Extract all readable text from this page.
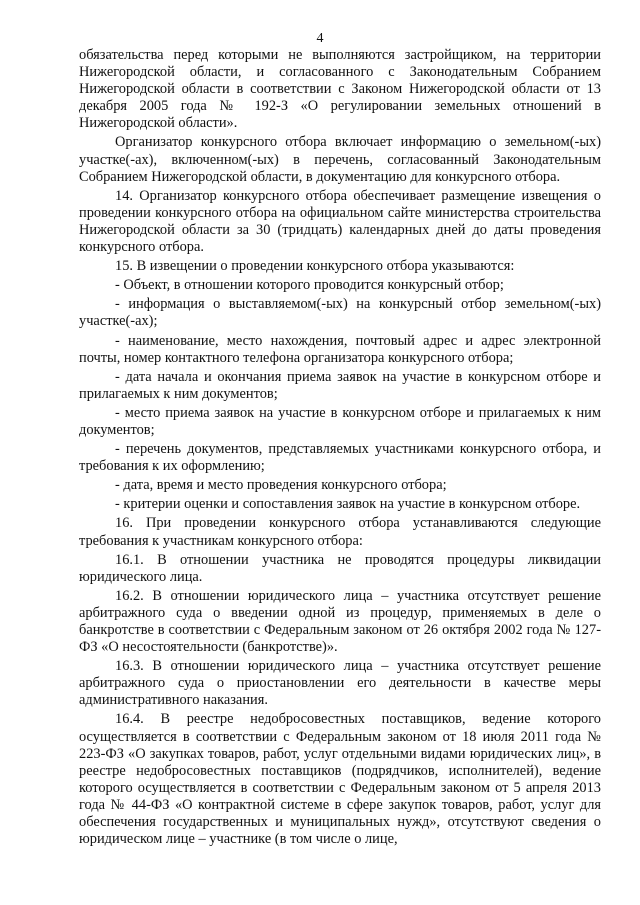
4

обязательства перед которыми не выполняются застройщиком, на территории Нижегородской области, и согласованного с Законодательным Собранием Нижегородской области в соответствии с Законом Нижегородской области от 13 декабря 2005 года № 192-З «О регулировании земельных отношений в Нижегородской области».

Организатор конкурсного отбора включает информацию о земельном(-ых) участке(-ах), включенном(-ых) в перечень, согласованный Законодательным Собранием Нижегородской области, в документацию для конкурсного отбора.

14. Организатор конкурсного отбора обеспечивает размещение извещения о проведении конкурсного отбора на официальном сайте министерства строительства Нижегородской области за 30 (тридцать) календарных дней до даты проведения конкурсного отбора.

15. В извещении о проведении конкурсного отбора указываются:

- Объект, в отношении которого проводится конкурсный отбор;

- информация о выставляемом(-ых) на конкурсный отбор земельном(-ых) участке(-ах);

- наименование, место нахождения, почтовый адрес и адрес электронной почты, номер контактного телефона организатора конкурсного отбора;

- дата начала и окончания приема заявок на участие в конкурсном отборе и прилагаемых к ним документов;

- место приема заявок на участие в конкурсном отборе и прилагаемых к ним документов;

- перечень документов, представляемых участниками конкурсного отбора, и требования к их оформлению;

- дата, время и место проведения конкурсного отбора;

- критерии оценки и сопоставления заявок на участие в конкурсном отборе.

16. При проведении конкурсного отбора устанавливаются следующие требования к участникам конкурсного отбора:

16.1. В отношении участника не проводятся процедуры ликвидации юридического лица.

16.2. В отношении юридического лица – участника отсутствует решение арбитражного суда о введении одной из процедур, применяемых в деле о банкротстве в соответствии с Федеральным законом от 26 октября 2002 года № 127-ФЗ «О несостоятельности (банкротстве)».

16.3. В отношении юридического лица – участника отсутствует решение арбитражного суда о приостановлении его деятельности в качестве меры административного наказания.

16.4. В реестре недобросовестных поставщиков, ведение которого осуществляется в соответствии с Федеральным законом от 18 июля 2011 года № 223-ФЗ «О закупках товаров, работ, услуг отдельными видами юридических лиц», в реестре недобросовестных поставщиков (подрядчиков, исполнителей), ведение которого осуществляется в соответствии с Федеральным законом от 5 апреля 2013 года № 44-ФЗ «О контрактной системе в сфере закупок товаров, работ, услуг для обеспечения государственных и муниципальных нужд», отсутствуют сведения о юридическом лице – участнике (в том числе о лице,
